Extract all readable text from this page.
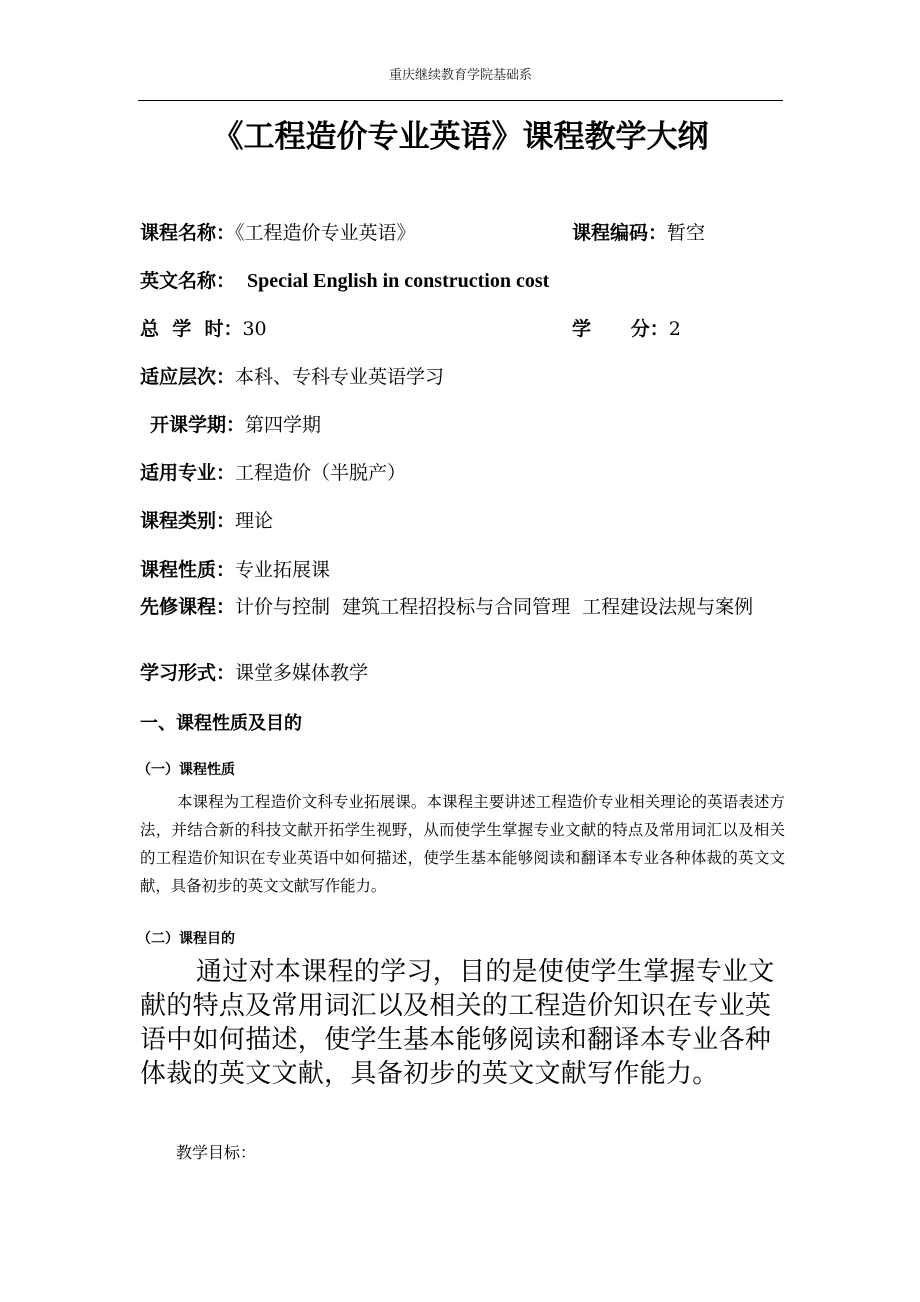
重庆继续教育学院基础系
《工程造价专业英语》课程教学大纲
课程名称：《工程造价专业英语》	课程编码：暂空
英文名称： Special English in construction cost
总  学  时：30	学      分：2
适应层次：本科、专科专业英语学习
开课学期：第四学期
适用专业：工程造价（半脱产）
课程类别：理论
课程性质：专业拓展课
先修课程：计价与控制  建筑工程招投标与合同管理  工程建设法规与案例
学习形式：课堂多媒体教学
一、课程性质及目的
（一）课程性质
本课程为工程造价文科专业拓展课。本课程主要讲述工程造价专业相关理论的英语表述方法，并结合新的科技文献开拓学生视野，从而使学生掌握专业文献的特点及常用词汇以及相关的工程造价知识在专业英语中如何描述，使学生基本能够阅读和翻译本专业各种体裁的英文文献，具备初步的英文文献写作能力。
（二）课程目的
通过对本课程的学习，目的是使使学生掌握专业文献的特点及常用词汇以及相关的工程造价知识在专业英语中如何描述，使学生基本能够阅读和翻译本专业各种体裁的英文文献，具备初步的英文文献写作能力。
教学目标：
